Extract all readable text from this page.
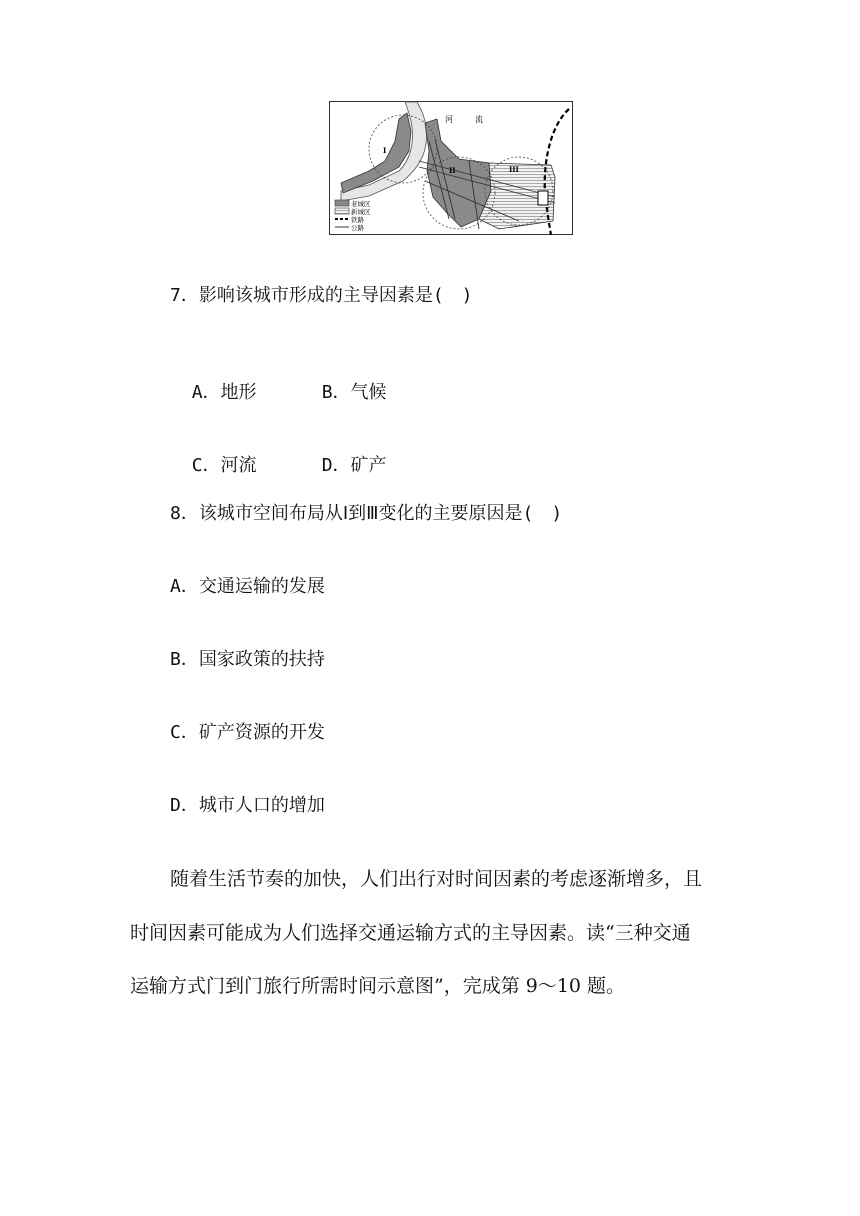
河	流
I
II	III
老城区
新城区
铁路
公路
7．影响该城市形成的主导因素是(　)

A．地形	B．气候

C．河流	D．矿产

8．该城市空间布局从Ⅰ到Ⅲ变化的主要原因是(　)
A．交通运输的发展
B．国家政策的扶持
C．矿产资源的开发
D．城市人口的增加
随着生活节奏的加快，人们出行对时间因素的考虑逐渐增多，且
时间因素可能成为人们选择交通运输方式的主导因素。读“三种交通
运输方式门到门旅行所需时间示意图”，完成第 9～10 题。
